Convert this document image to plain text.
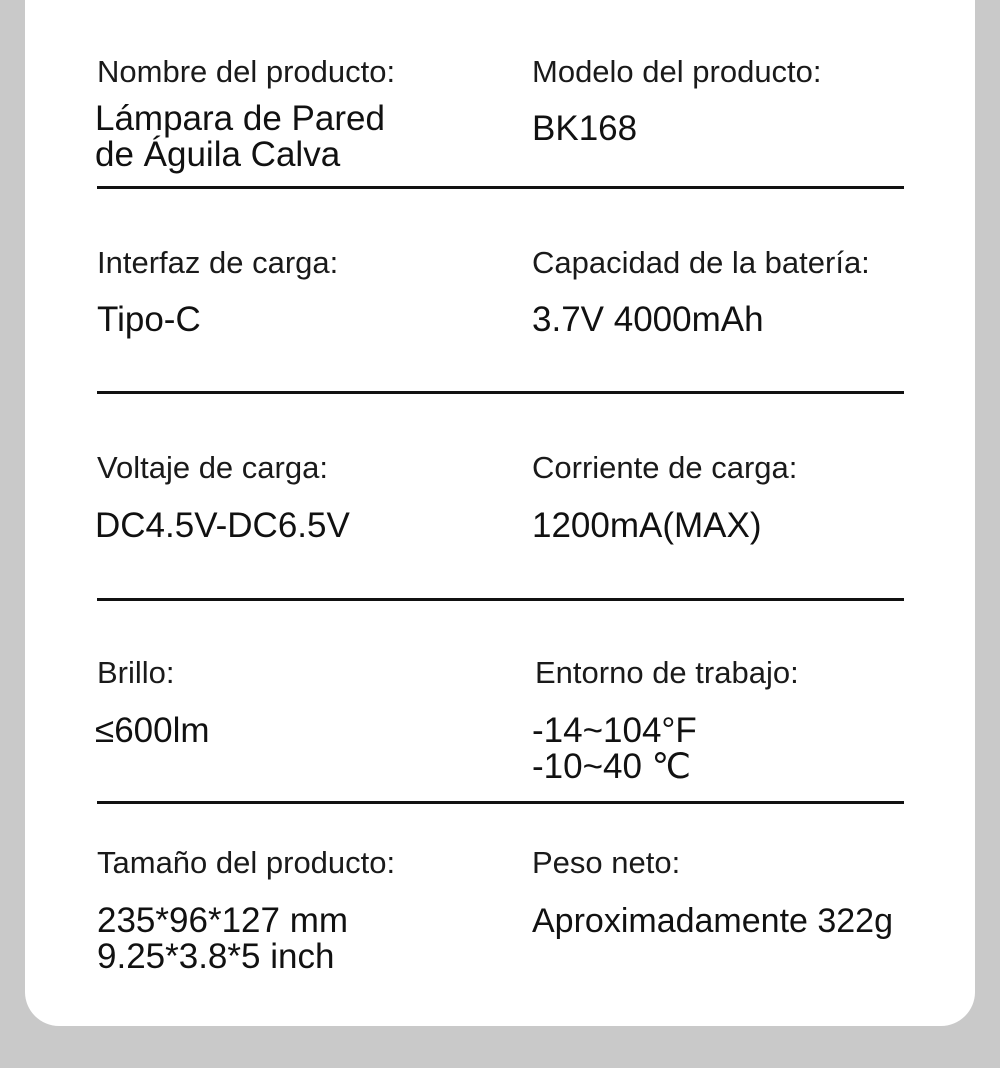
Nombre del producto:
Lámpara de Pared
de Águila Calva
Modelo del producto:
BK168
Interfaz de carga:
Tipo-C
Capacidad de la batería:
3.7V 4000mAh
Voltaje de carga:
DC4.5V-DC6.5V
Corriente de carga:
1200mA(MAX)
Brillo:
≤600lm
Entorno de trabajo:
-14~104°F
-10~40 ℃
Tamaño del producto:
235*96*127 mm
9.25*3.8*5 inch
Peso neto:
Aproximadamente 322g
